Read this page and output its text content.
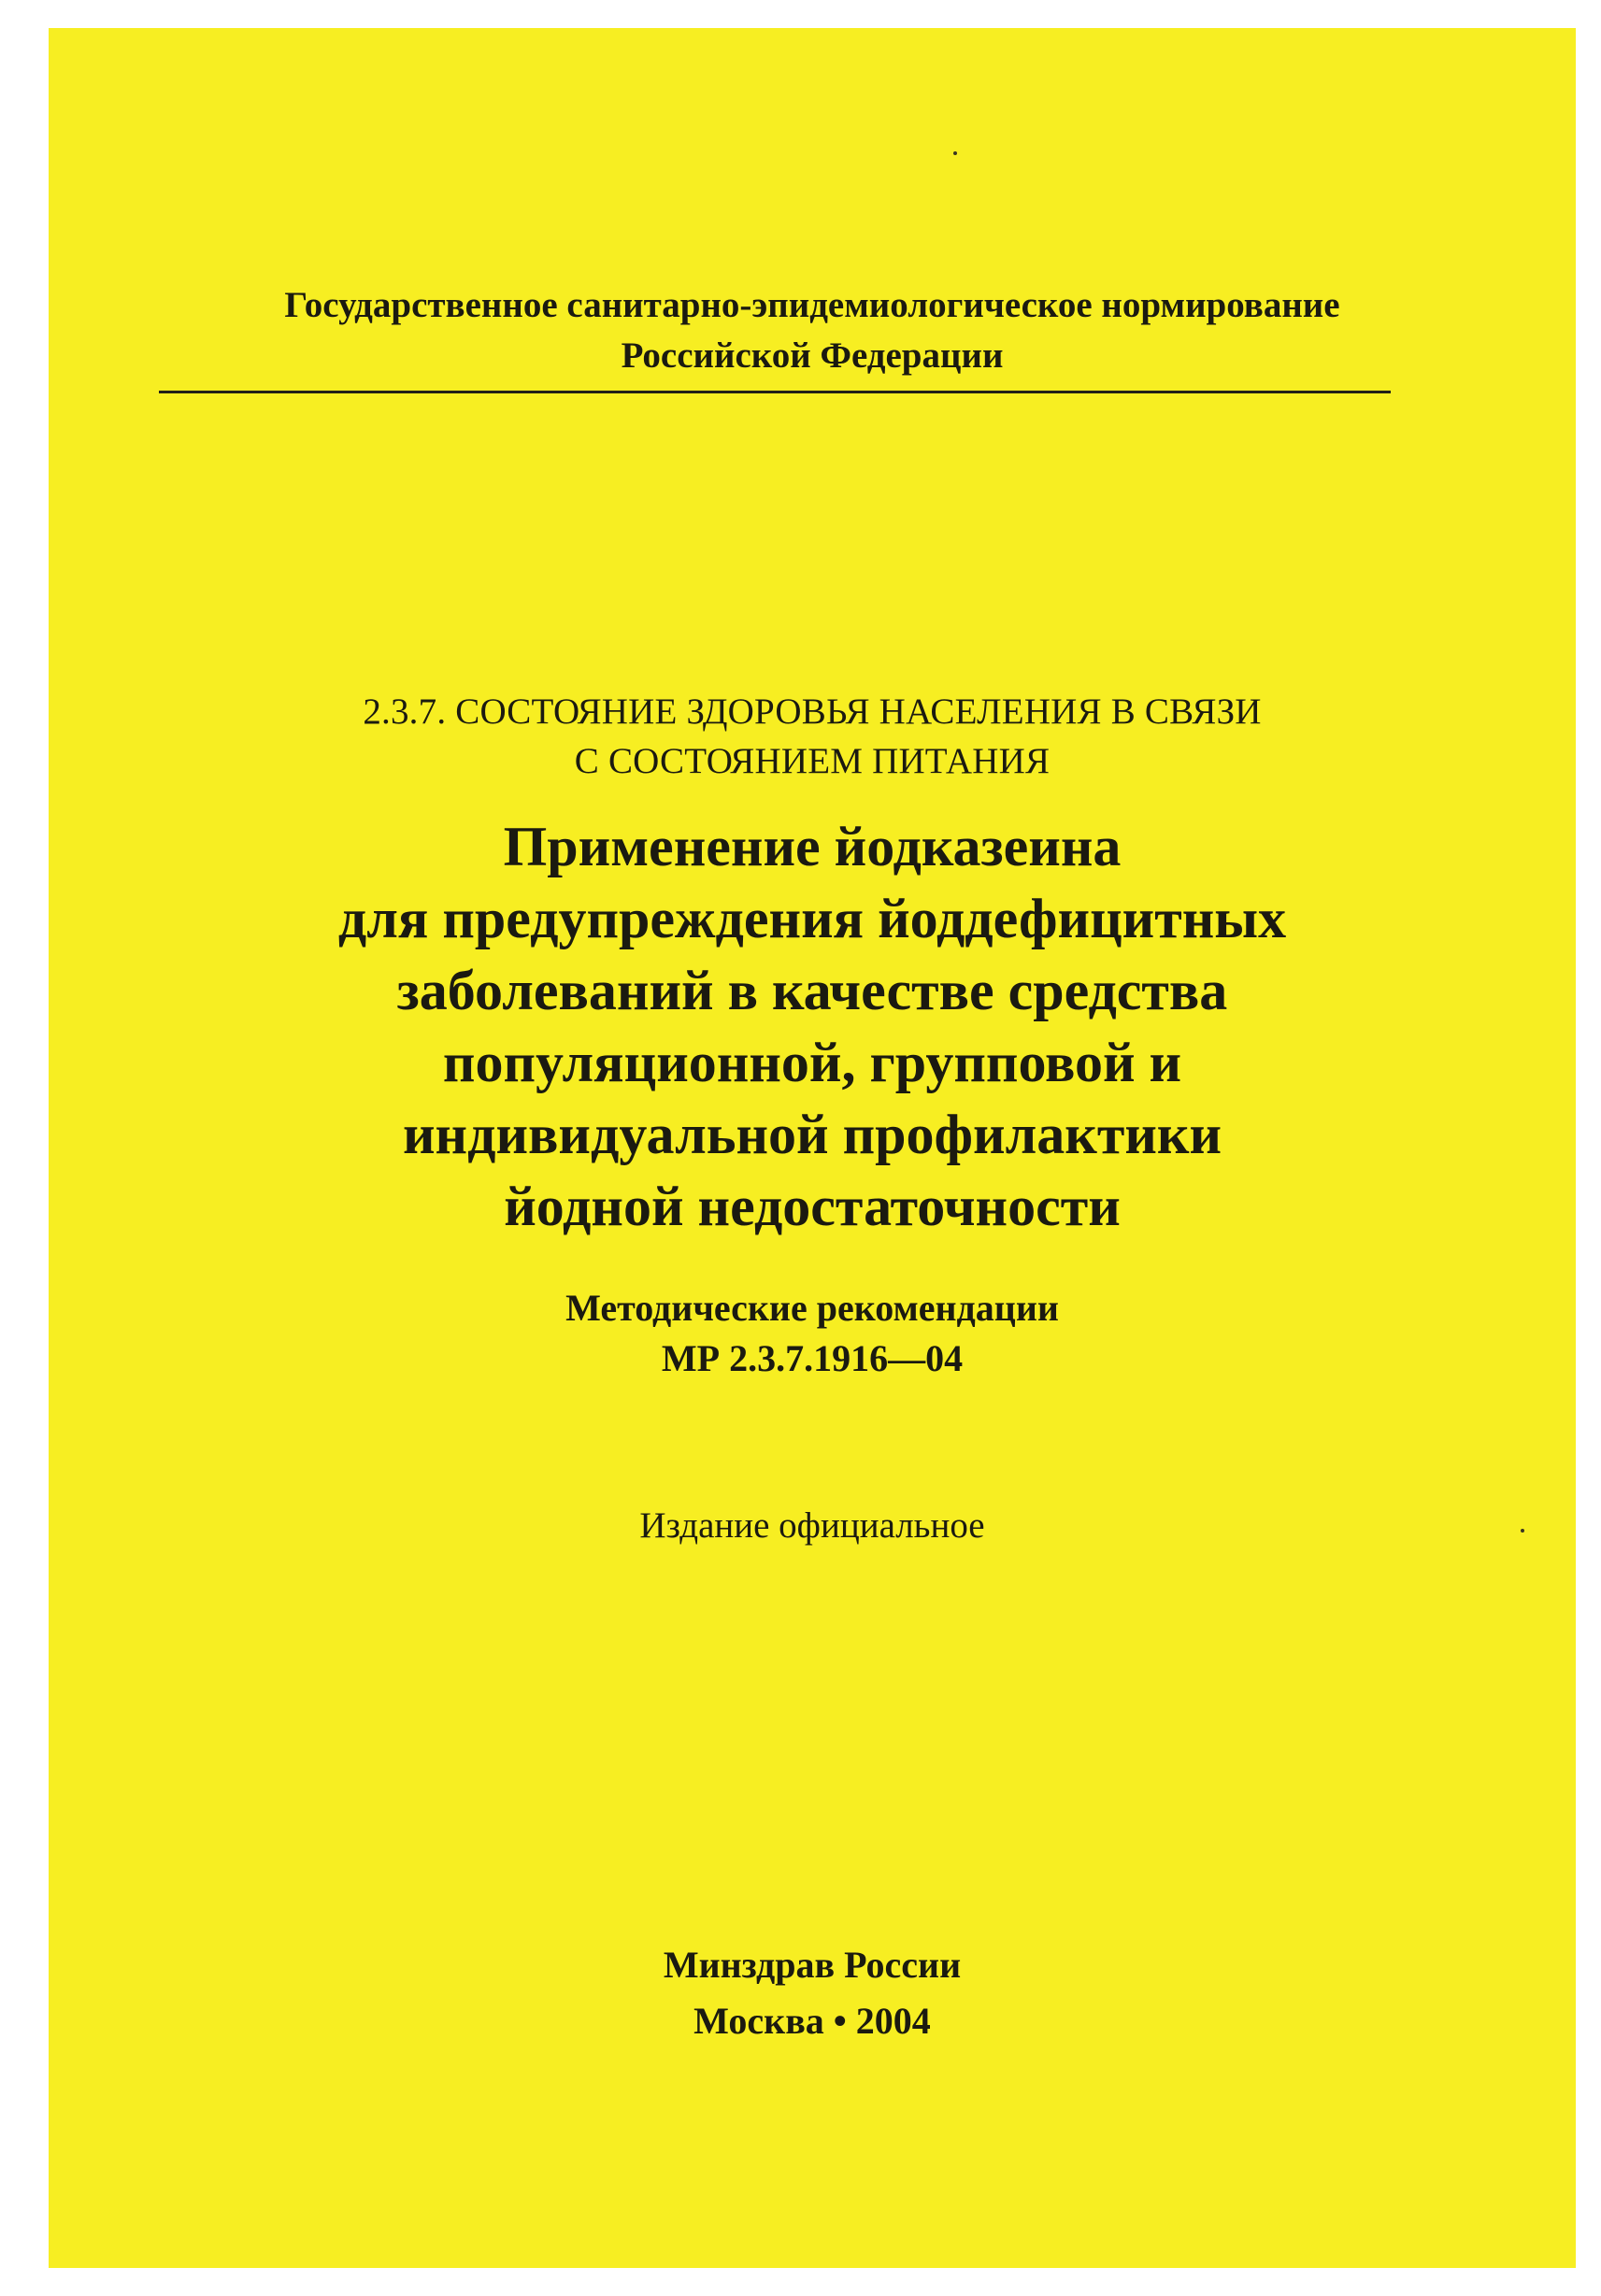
Государственное санитарно-эпидемиологическое нормирование
Российской Федерации
2.3.7. СОСТОЯНИЕ ЗДОРОВЬЯ НАСЕЛЕНИЯ В СВЯЗИ
С СОСТОЯНИЕМ ПИТАНИЯ
Применение йодказеина
для предупреждения йоддефицитных
заболеваний в качестве средства
популяционной, групповой и
индивидуальной профилактики
йодной недостаточности
Методические рекомендации
МР 2.3.7.1916—04
Издание официальное
Минздрав России
Москва • 2004
